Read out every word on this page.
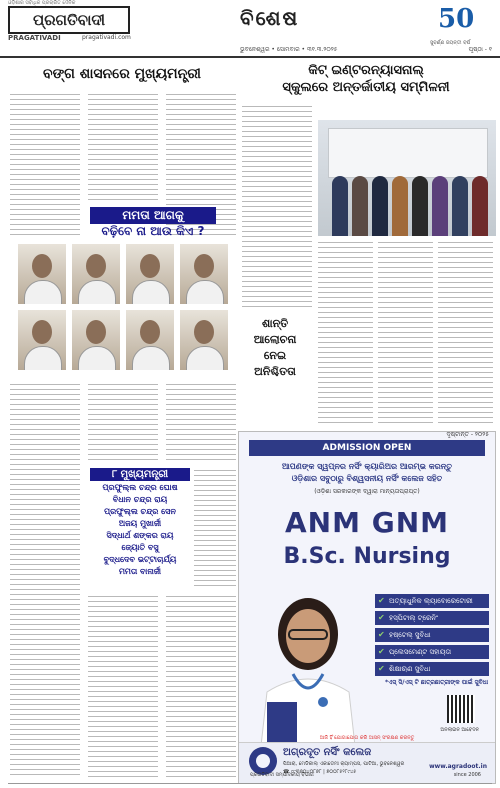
ଓଡ଼ିଶାର ସର୍ବାଧିକ ପ୍ରଚାରିତ ଦୈନିକ
ପ୍ରଗତିବାଦୀ
PRAGATIVADI	pragativadi.com
ବିଶେଷ	50
ସୁବର୍ଣ୍ଣ ଜୟନ୍ତୀ ବର୍ଷ
ଭୁବନେଶ୍ୱର • ସୋମବାର • ୩୧.୩.୨୦୨୫	ପୃଷ୍ଠା - ୧
ବଙ୍ଗ ଶାସନରେ ମୁଖ୍ୟମନ୍ତ୍ରୀ
ମମତା ଆଗକୁ
ବଢ଼ିବେ ନା ଆଉ କିଏ ?
୮ ମୁଖ୍ୟମନ୍ତ୍ରୀ
ପ୍ରଫୁଲ୍ଲ ଚନ୍ଦ୍ର ଘୋଷ
ବିଧାନ ଚନ୍ଦ୍ର ରାୟ
ପ୍ରଫୁଲ୍ଲ ଚନ୍ଦ୍ର ସେନ
ଅଜୟ ମୁଖାର୍ଜୀ
ସିଦ୍ଧାର୍ଥ ଶଙ୍କର ରାୟ
ଜ୍ୟୋତି ବସୁ
ବୁଦ୍ଧଦେବ ଭଟ୍ଟାଚାର୍ଯ୍ୟ
ମମତା ବାନାର୍ଜୀ
କିଟ୍ ଇଣ୍ଟରନ୍ୟାସନାଲ୍
ସ୍କୁଲରେ ଅନ୍ତର୍ଜାତୀୟ ସମ୍ମିଳନୀ
ଶାନ୍ତି
ଆଲୋଚନା
ନେଇ
ଅନିଶ୍ଚିତତା
ଦୃଷ୍ଟାନ୍ତ - ୨୦୨୫
ADMISSION OPEN
ଆପଣଙ୍କ ସ୍ୱପ୍ନର ନର୍ସିଂ କ୍ୟାରିଅର ଆରମ୍ଭ କରନ୍ତୁ
ଓଡ଼ିଶାର ସବୁଠାରୁ ବିଶ୍ୱସନୀୟ ନର୍ସିଂ କଲେଜ ସହିତ
(ଓଡ଼ିଶା ସରକାରଙ୍କ ଦ୍ୱାରା ମାନ୍ୟତାପ୍ରାପ୍ତ)
ANM GNM
B.Sc. Nursing
✔ ଅତ୍ୟାଧୁନିକ ଲ୍ୟାବୋରେଟୋରୀ
✔ ହସ୍ପିଟାଲ୍ ଟ୍ରେନିଂ
✔ ହଷ୍ଟେଲ୍ ସୁବିଧା
✔ ପ୍ଲେସମେଣ୍ଟ ସହାୟତା
✔ ଶିକ୍ଷାଋଣ ସୁବିଧା
*ଏସ୍ ସି/ଏସ୍ ଟି ଛାତ୍ରଛାତ୍ରୀଙ୍କ ପାଇଁ ସୁବିଧା
ଆଜି ହିଁ ଯୋଗାଯୋଗ କରି ଆସନ୍ ସଂରକ୍ଷଣ କରନ୍ତୁ
ଅନଲାଇନ ଆବେଦନ
ଅଗ୍ରଦୂତ ନର୍ସିଂ କଲେଜ
ପିଆରା, ମେଡିକାଲ୍ ଏକାଡେମୀ କ୍ୟାମ୍ପସ, ପାଟିଆ, ଭୁବନେଶ୍ୱର
☎ ୯୯୩୭୦୪୦୮୭୮ | ୭୦୦୮୫୨୮୯୪୫
www.agradoot.in
since 2006
ପ୍ରଗତିବାଦୀ ସମ୍ପାଦକୀୟ ବିଭାଗ
